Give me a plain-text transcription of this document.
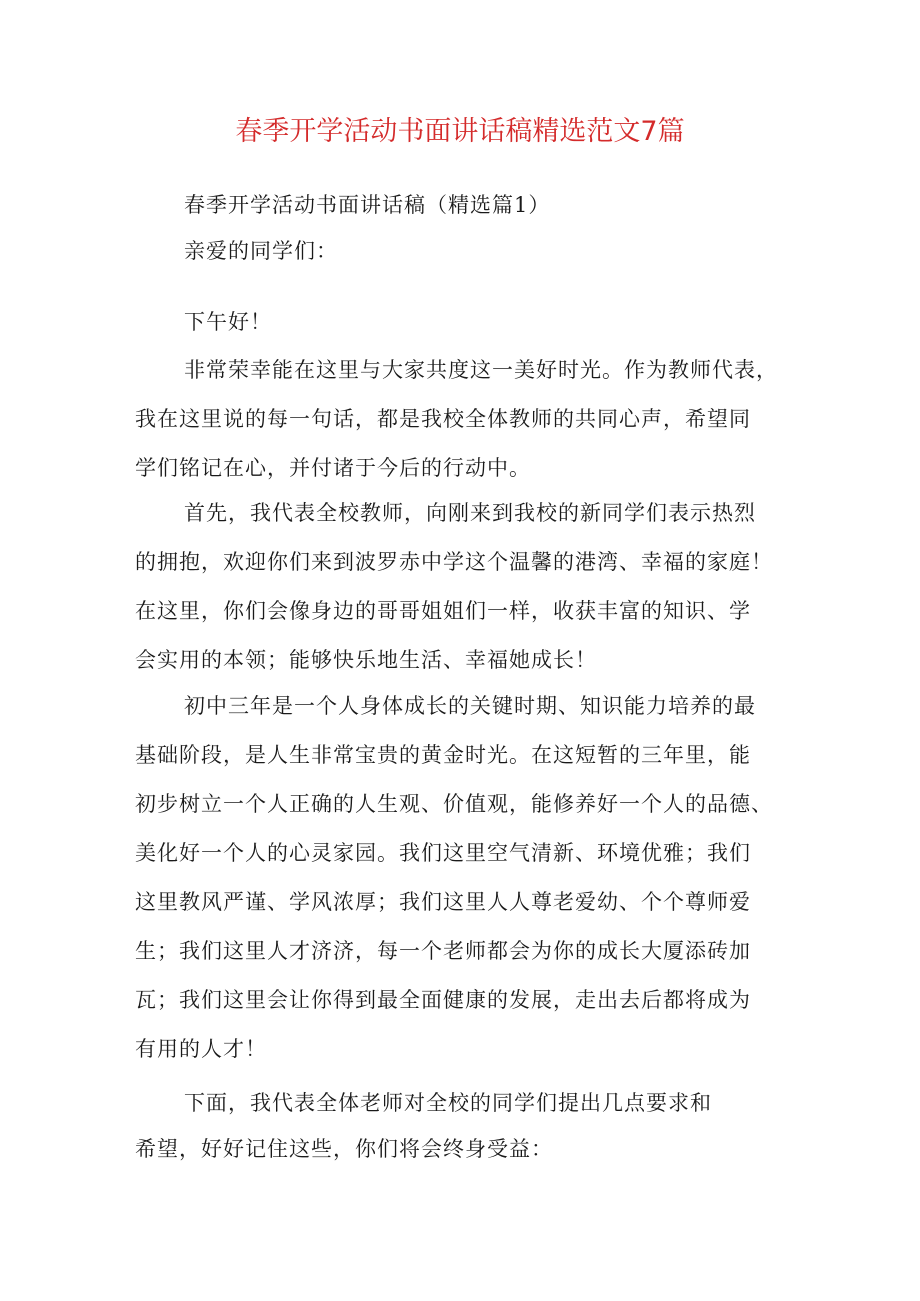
春季开学活动书面讲话稿精选范文7篇
春季开学活动书面讲话稿（精选篇1）
亲爱的同学们：
下午好！
非常荣幸能在这里与大家共度这一美好时光。作为教师代表，
我在这里说的每一句话，都是我校全体教师的共同心声，希望同
学们铭记在心，并付诸于今后的行动中。
首先，我代表全校教师，向刚来到我校的新同学们表示热烈
的拥抱，欢迎你们来到波罗赤中学这个温馨的港湾、幸福的家庭！
在这里，你们会像身边的哥哥姐姐们一样，收获丰富的知识、学
会实用的本领；能够快乐地生活、幸福她成长！
初中三年是一个人身体成长的关键时期、知识能力培养的最
基础阶段，是人生非常宝贵的黄金时光。在这短暂的三年里，能
初步树立一个人正确的人生观、价值观，能修养好一个人的品德、
美化好一个人的心灵家园。我们这里空气清新、环境优雅；我们
这里教风严谨、学风浓厚；我们这里人人尊老爱幼、个个尊师爱
生；我们这里人才济济，每一个老师都会为你的成长大厦添砖加
瓦；我们这里会让你得到最全面健康的发展，走出去后都将成为
有用的人才！
下面，我代表全体老师对全校的同学们提出几点要求和
希望，好好记住这些，你们将会终身受益：
